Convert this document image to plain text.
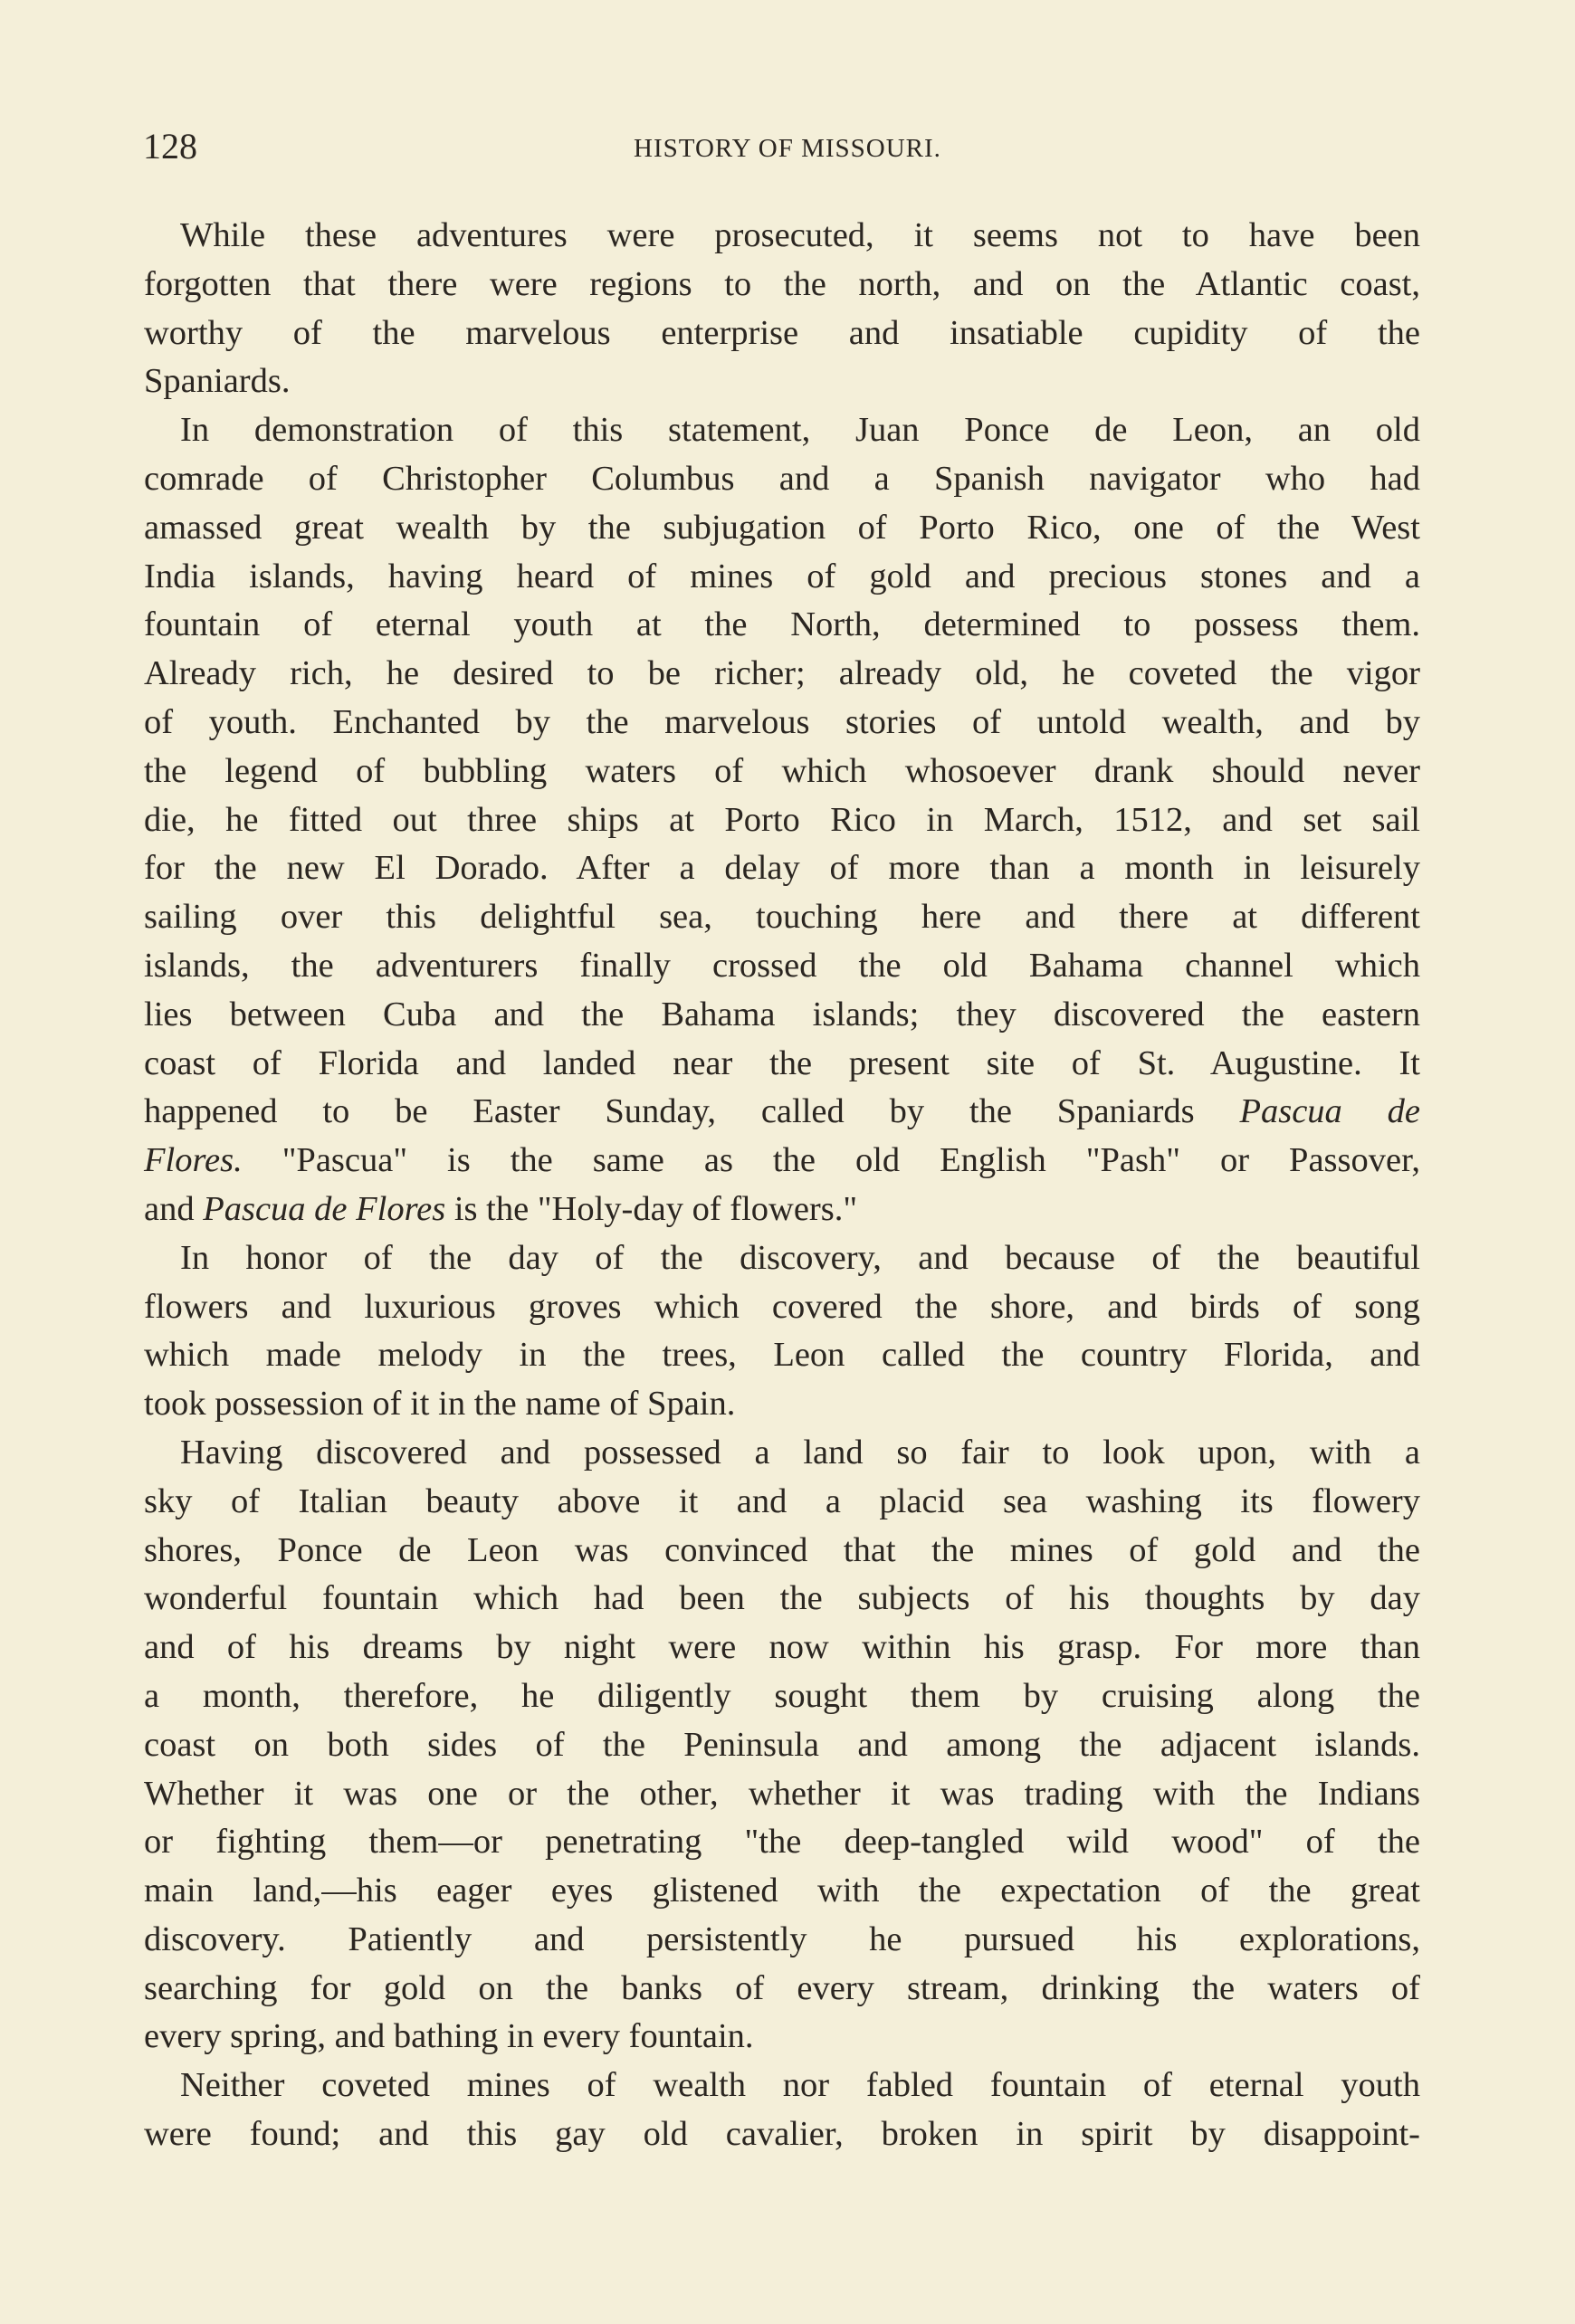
128	HISTORY OF MISSOURI.
While these adventures were prosecuted, it seems not to have been
forgotten that there were regions to the north, and on the Atlantic coast,
worthy of the marvelous enterprise and insatiable cupidity of the
Spaniards.
In demonstration of this statement, Juan Ponce de Leon, an old
comrade of Christopher Columbus and a Spanish navigator who had
amassed great wealth by the subjugation of Porto Rico, one of the West
India islands, having heard of mines of gold and precious stones and a
fountain of eternal youth at the North, determined to possess them.
Already rich, he desired to be richer; already old, he coveted the vigor
of youth. Enchanted by the marvelous stories of untold wealth, and by
the legend of bubbling waters of which whosoever drank should never
die, he fitted out three ships at Porto Rico in March, 1512, and set sail
for the new El Dorado. After a delay of more than a month in leisurely
sailing over this delightful sea, touching here and there at different
islands, the adventurers finally crossed the old Bahama channel which
lies between Cuba and the Bahama islands; they discovered the eastern
coast of Florida and landed near the present site of St. Augustine. It
happened to be Easter Sunday, called by the Spaniards Pascua de
Flores. "Pascua" is the same as the old English "Pash" or Passover,
and Pascua de Flores is the "Holy-day of flowers."
In honor of the day of the discovery, and because of the beautiful
flowers and luxurious groves which covered the shore, and birds of song
which made melody in the trees, Leon called the country Florida, and
took possession of it in the name of Spain.
Having discovered and possessed a land so fair to look upon, with a
sky of Italian beauty above it and a placid sea washing its flowery
shores, Ponce de Leon was convinced that the mines of gold and the
wonderful fountain which had been the subjects of his thoughts by day
and of his dreams by night were now within his grasp. For more than
a month, therefore, he diligently sought them by cruising along the
coast on both sides of the Peninsula and among the adjacent islands.
Whether it was one or the other, whether it was trading with the Indians
or fighting them—or penetrating "the deep-tangled wild wood" of the
main land,—his eager eyes glistened with the expectation of the great
discovery. Patiently and persistently he pursued his explorations,
searching for gold on the banks of every stream, drinking the waters of
every spring, and bathing in every fountain.
Neither coveted mines of wealth nor fabled fountain of eternal youth
were found; and this gay old cavalier, broken in spirit by disappoint-
